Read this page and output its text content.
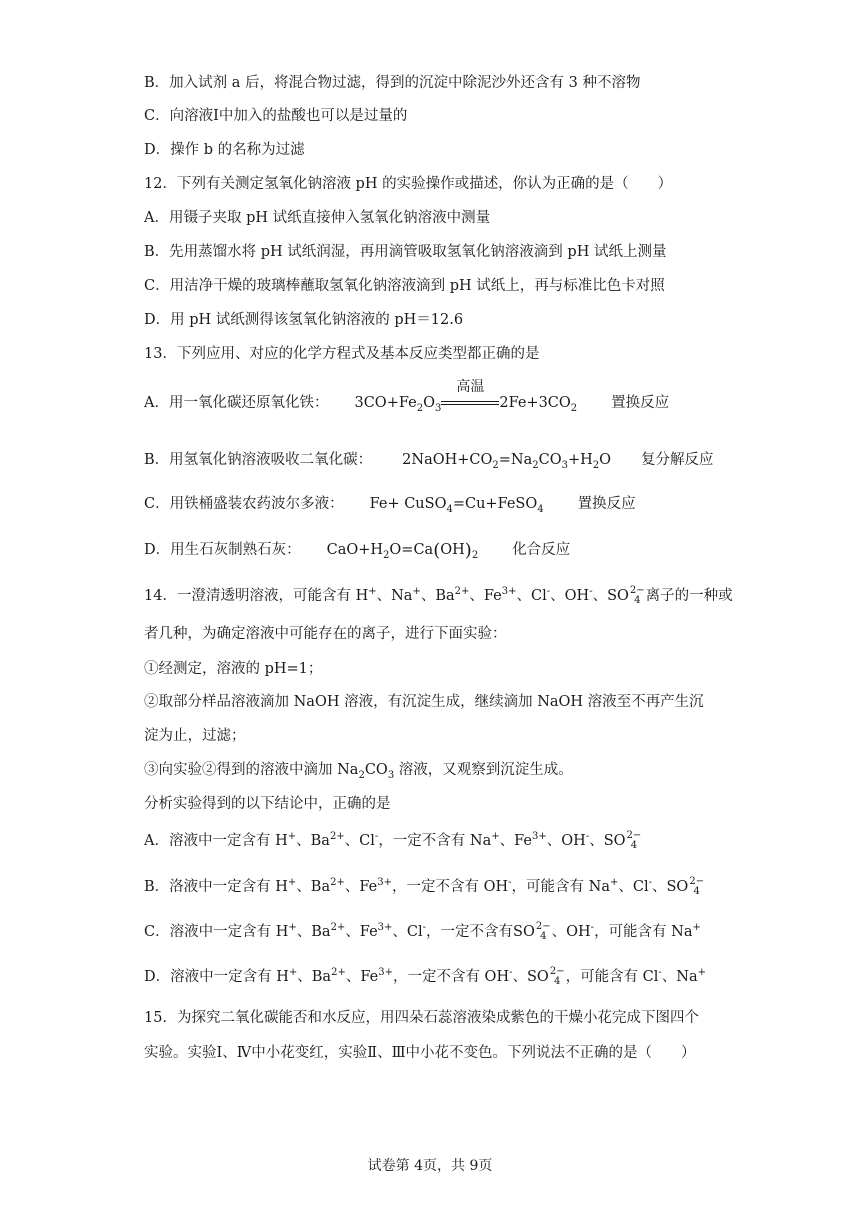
B．加入试剂 a 后，将混合物过滤，得到的沉淀中除泥沙外还含有 3 种不溶物
C．向溶液Ⅰ中加入的盐酸也可以是过量的
D．操作 b 的名称为过滤
12．下列有关测定氢氧化钠溶液 pH 的实验操作或描述，你认为正确的是（　　）
A．用镊子夹取 pH 试纸直接伸入氢氧化钠溶液中测量
B．先用蒸馏水将 pH 试纸润湿，再用滴管吸取氢氧化钠溶液滴到 pH 试纸上测量
C．用洁净干燥的玻璃棒蘸取氢氧化钠溶液滴到 pH 试纸上，再与标准比色卡对照
D．用 pH 试纸测得该氢氧化钠溶液的 pH＝12.6
13．下列应用、对应的化学方程式及基本反应类型都正确的是
A．用一氧化碳还原氧化铁： $3CO+Fe_2O_3$
高温
$2Fe+3CO_2$ 置换反应
B．用氢氧化钠溶液吸收二氧化碳： $2NaOH+CO_2=Na_2CO_3+H_2O$ 复分解反应
C．用铁桶盛装农药波尔多液： Fe+ CuSO$_4$=Cu+FeSO$_4$ 置换反应
D．用生石灰制熟石灰： $CaO+H_2O=Ca(OH)_2$ 化合反应
14．一澄清透明溶液，可能含有 H+、Na+、$Ba^{2+}$、$Fe^{3+}$、Cl-、OH-、SO 2−
4 离子的一种或
者几种，为确定溶液中可能存在的离子，进行下面实验：
①经测定，溶液的 pH=1；
②取部分样品溶液滴加 NaOH 溶液，有沉淀生成，继续滴加 NaOH 溶液至不再产生沉
淀为止，过滤；
③向实验②得到的溶液中滴加 $Na_2CO_3$ 溶液，又观察到沉淀生成。
分析实验得到的以下结论中，正确的是
A．溶液中一定含有 H+、$Ba^{2+}$、Cl-，一定不含有 Na+、$Fe^{3+}$、OH-、SO 2−
4
B．洛液中一定含有 H+、$Ba^{2+}$、$Fe^{3+}$，一定不含有 OH-，可能含有 Na+、Cl-、SO 2−
4
C．溶液中一定含有 H+、$Ba^{2+}$、$Fe^{3+}$、Cl-，一定不含有SO 2−
4 、OH-，可能含有 Na+
D．溶液中一定含有 H+、$Ba^{2+}$、$Fe^{3+}$，一定不含有 OH-、SO 2−
4 ，可能含有 Cl-、Na+
15．为探究二氧化碳能否和水反应，用四朵石蕊溶液染成紫色的干燥小花完成下图四个
实验。实验Ⅰ、Ⅳ中小花变红，实验Ⅱ、Ⅲ中小花不变色。下列说法不正确的是（　　）
试卷第 4页，共 9页
